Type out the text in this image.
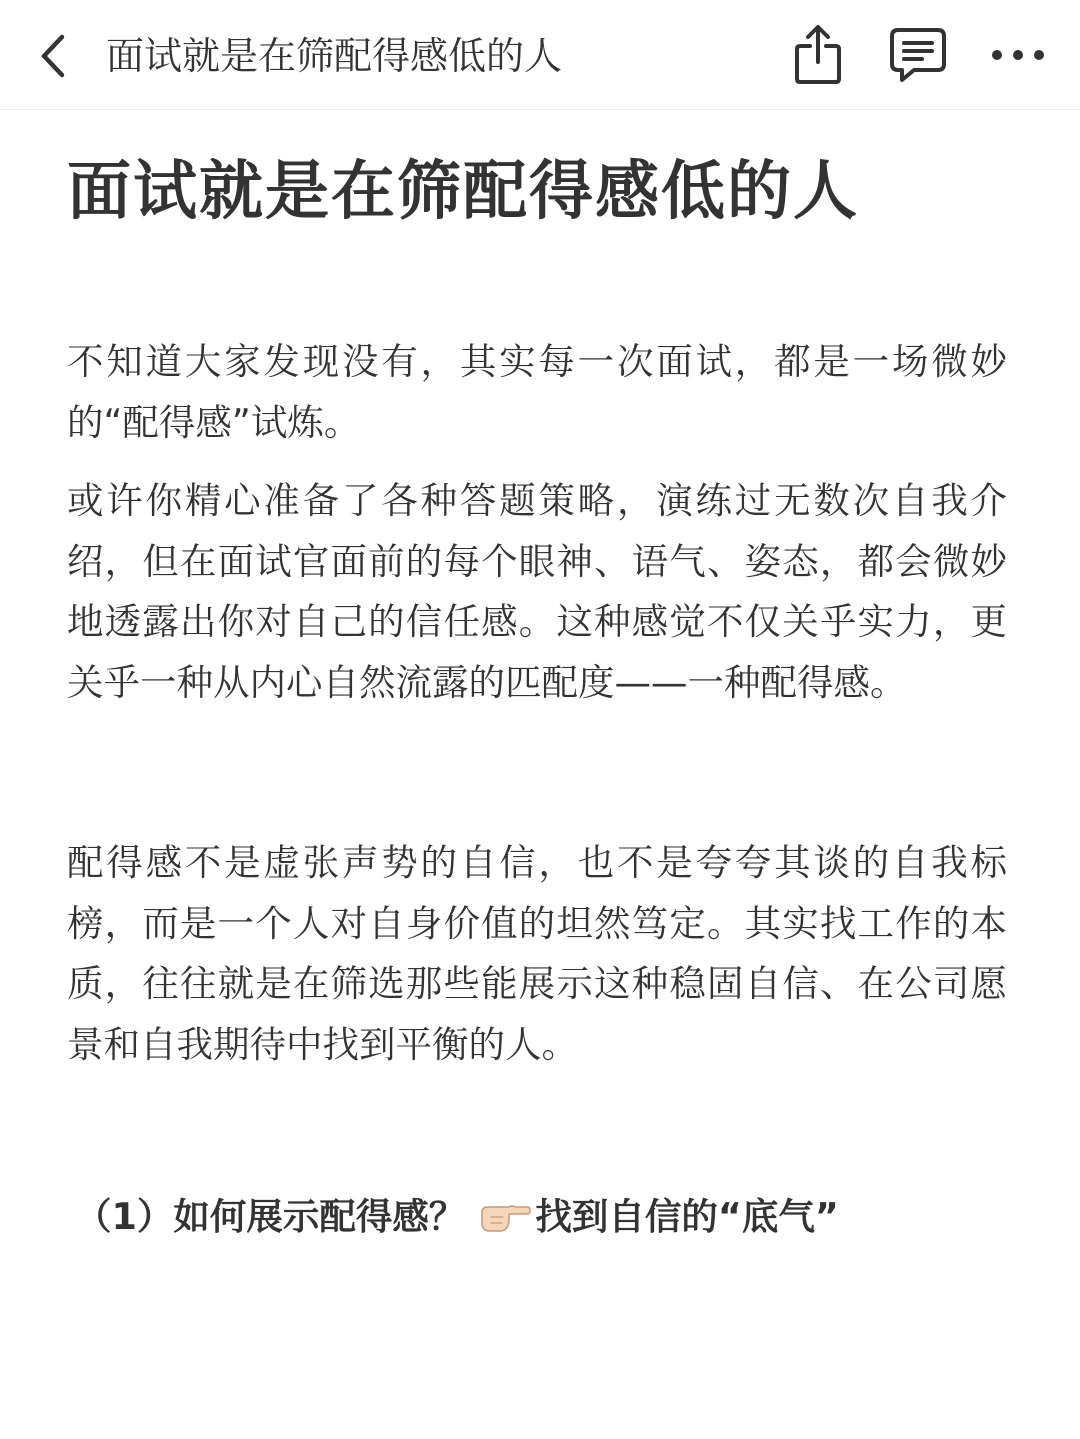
面试就是在筛配得感低的人
面试就是在筛配得感低的人

不知道大家发现没有，其实每一次面试，都是一场微妙的“配得感”试炼。

或许你精心准备了各种答题策略，演练过无数次自我介绍，但在面试官面前的每个眼神、语气、姿态，都会微妙地透露出你对自己的信任感。这种感觉不仅关乎实力，更关乎一种从内心自然流露的匹配度——一种配得感。

配得感不是虚张声势的自信，也不是夸夸其谈的自我标榜，而是一个人对自身价值的坦然笃定。其实找工作的本质，往往就是在筛选那些能展示这种稳固自信、在公司愿景和自我期待中找到平衡的人。

（1）如何展示配得感？ 找到自信的“底气”
